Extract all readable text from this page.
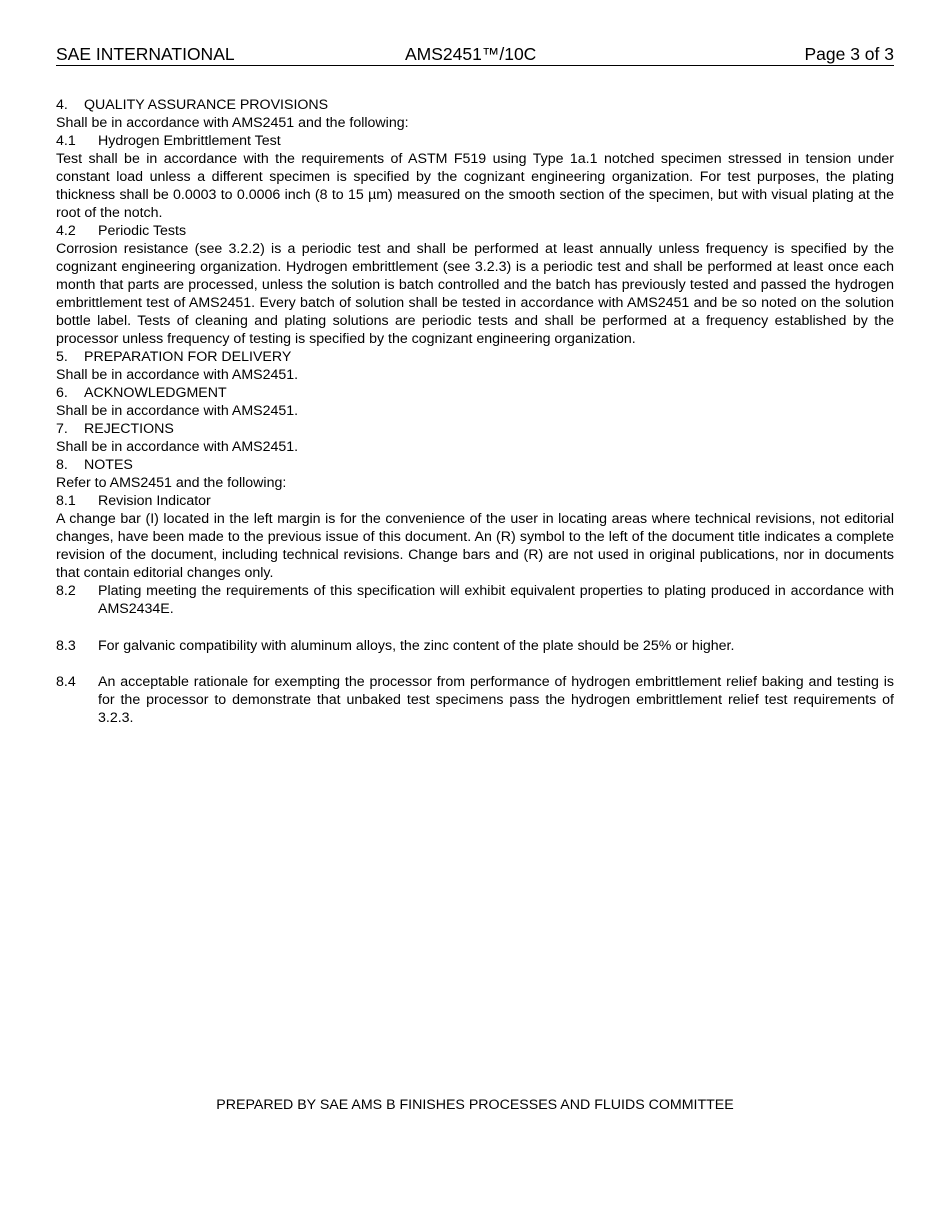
SAE INTERNATIONAL	AMS2451™/10C	Page 3 of 3

4. QUALITY ASSURANCE PROVISIONS

Shall be in accordance with AMS2451 and the following:

4.1 Hydrogen Embrittlement Test

Test shall be in accordance with the requirements of ASTM F519 using Type 1a.1 notched specimen stressed in tension under constant load unless a different specimen is specified by the cognizant engineering organization. For test purposes, the plating thickness shall be 0.0003 to 0.0006 inch (8 to 15 µm) measured on the smooth section of the specimen, but with visual plating at the root of the notch.

4.2 Periodic Tests

Corrosion resistance (see 3.2.2) is a periodic test and shall be performed at least annually unless frequency is specified by the cognizant engineering organization. Hydrogen embrittlement (see 3.2.3) is a periodic test and shall be performed at least once each month that parts are processed, unless the solution is batch controlled and the batch has previously tested and passed the hydrogen embrittlement test of AMS2451. Every batch of solution shall be tested in accordance with AMS2451 and be so noted on the solution bottle label. Tests of cleaning and plating solutions are periodic tests and shall be performed at a frequency established by the processor unless frequency of testing is specified by the cognizant engineering organization.

5. PREPARATION FOR DELIVERY

Shall be in accordance with AMS2451.

6. ACKNOWLEDGMENT

Shall be in accordance with AMS2451.

7. REJECTIONS

Shall be in accordance with AMS2451.

8. NOTES

Refer to AMS2451 and the following:

8.1 Revision Indicator

A change bar (I) located in the left margin is for the convenience of the user in locating areas where technical revisions, not editorial changes, have been made to the previous issue of this document. An (R) symbol to the left of the document title indicates a complete revision of the document, including technical revisions. Change bars and (R) are not used in original publications, nor in documents that contain editorial changes only.

8.2	Plating meeting the requirements of this specification will exhibit equivalent properties to plating produced in accordance with AMS2434E.
8.3	For galvanic compatibility with aluminum alloys, the zinc content of the plate should be 25% or higher.
8.4	An acceptable rationale for exempting the processor from performance of hydrogen embrittlement relief baking and testing is for the processor to demonstrate that unbaked test specimens pass the hydrogen embrittlement relief test requirements of 3.2.3.
PREPARED BY SAE AMS B FINISHES PROCESSES AND FLUIDS COMMITTEE
